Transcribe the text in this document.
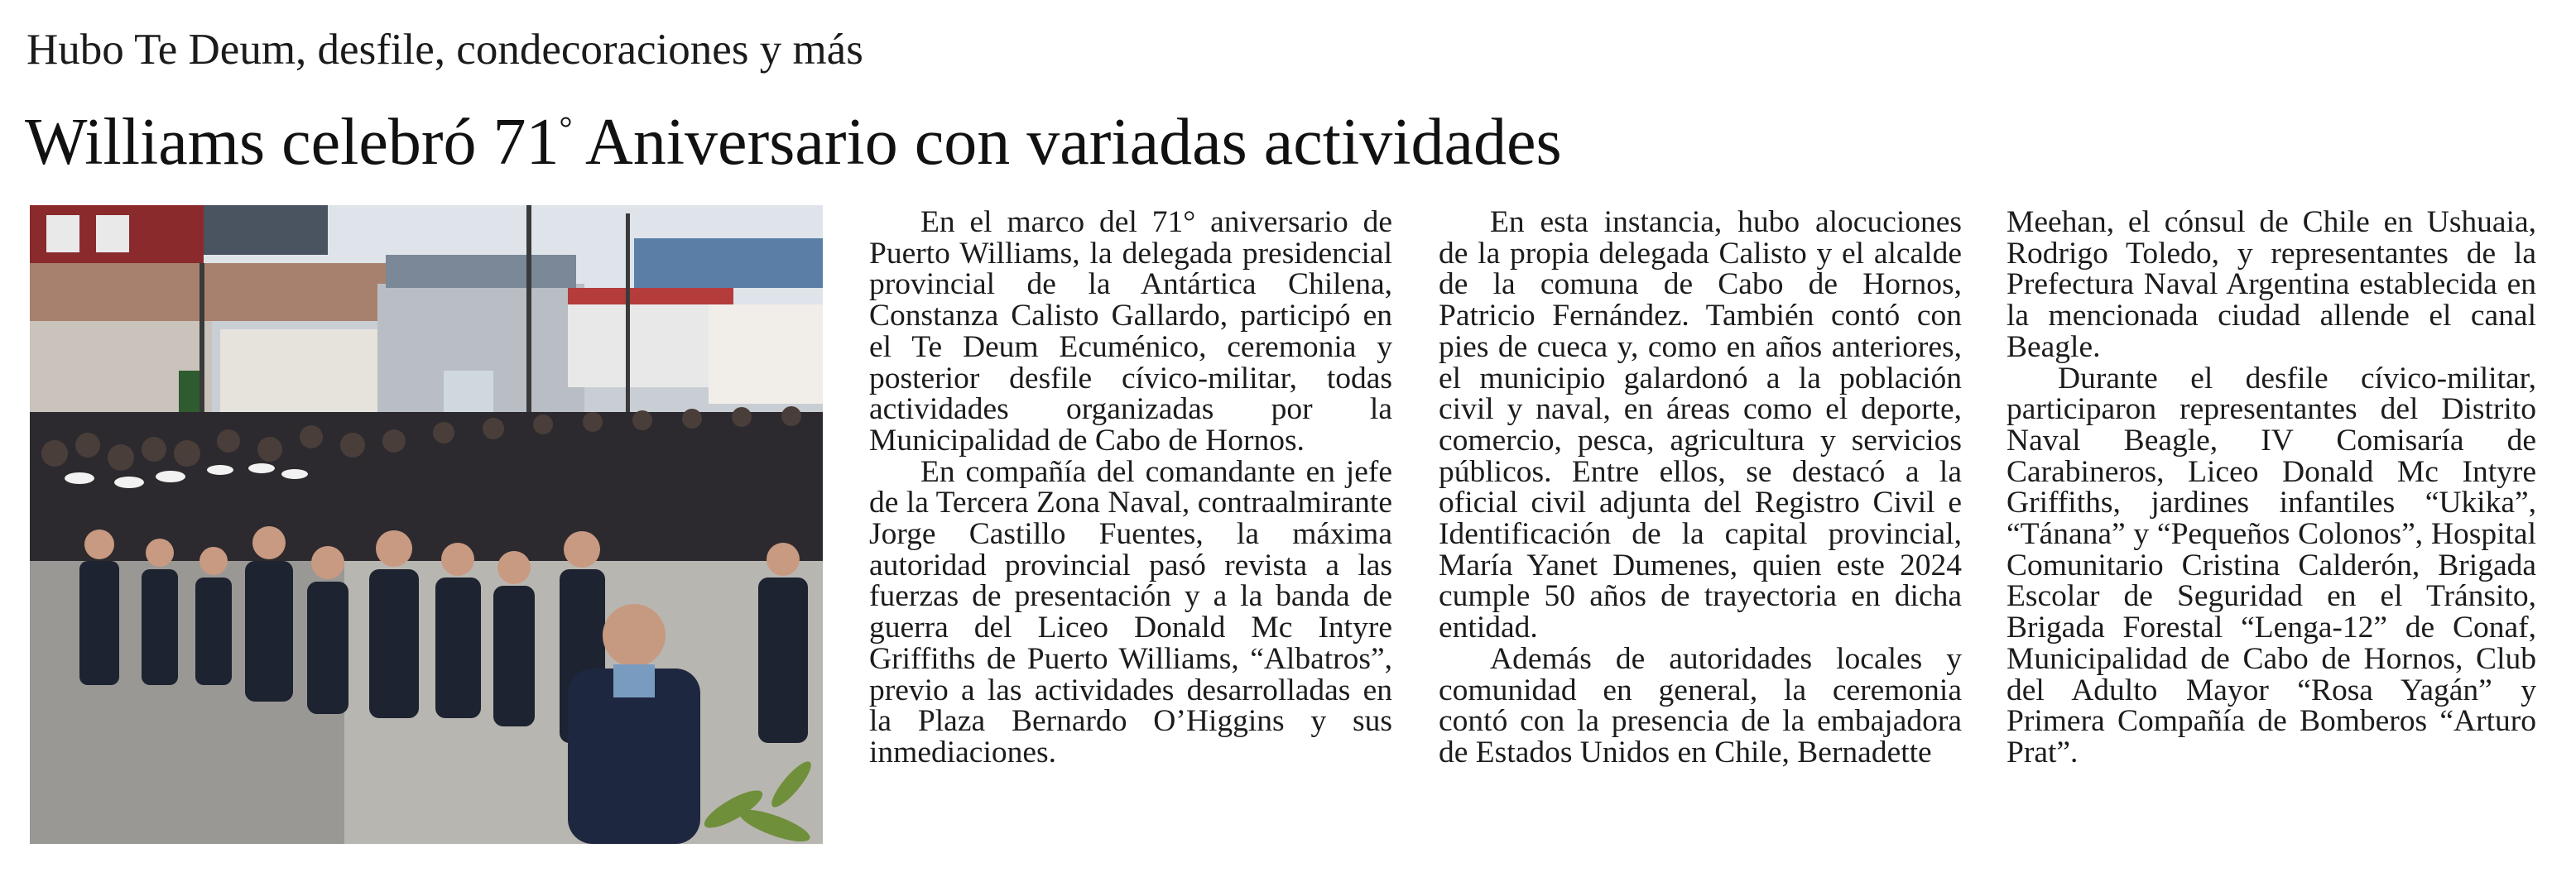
Hubo Te Deum, desfile, condecoraciones y más
Williams celebró 71° Aniversario con variadas actividades

En el marco del 71° aniversario de Puerto Williams, la delegada presidencial provincial de la Antártica Chilena, Constanza Calisto Gallardo, participó en el Te Deum Ecuménico, ceremonia y posterior desfile cívico-militar, todas actividades organizadas por la Municipalidad de Cabo de Hornos.

En compañía del comandante en jefe de la Tercera Zona Naval, contraalmirante Jorge Castillo Fuentes, la máxima autoridad provincial pasó revista a las fuerzas de presentación y a la banda de guerra del Liceo Donald Mc Intyre Griffiths de Puerto Williams, “Albatros”, previo a las actividades desarrolladas en la Plaza Bernardo O’Higgins y sus inmediaciones.

En esta instancia, hubo alocuciones de la propia delegada Calisto y el alcalde de la comuna de Cabo de Hornos, Patricio Fernández. También contó con pies de cueca y, como en años anteriores, el municipio galardonó a la población civil y naval, en áreas como el deporte, comercio, pesca, agricultura y servicios públicos. Entre ellos, se destacó a la oficial civil adjunta del Registro Civil e Identificación de la capital provincial, María Yanet Dumenes, quien este 2024 cumple 50 años de trayectoria en dicha entidad.

Además de autoridades locales y comunidad en general, la ceremonia contó con la presencia de la embajadora de Estados Unidos en Chile, Bernadette

Meehan, el cónsul de Chile en Ushuaia, Rodrigo Toledo, y representantes de la Prefectura Naval Argentina establecida en la mencionada ciudad allende el canal Beagle.

Durante el desfile cívico-militar, participaron representantes del Distrito Naval Beagle, IV Comisaría de Carabineros, Liceo Donald Mc Intyre Griffiths, jardines infantiles “Ukika”, “Tánana” y “Pequeños Colonos”, Hospital Comunitario Cristina Calderón, Brigada Escolar de Seguridad en el Tránsito, Brigada Forestal “Lenga-12” de Conaf, Municipalidad de Cabo de Hornos, Club del Adulto Mayor “Rosa Yagán” y Primera Compañía de Bomberos “Arturo Prat”.
